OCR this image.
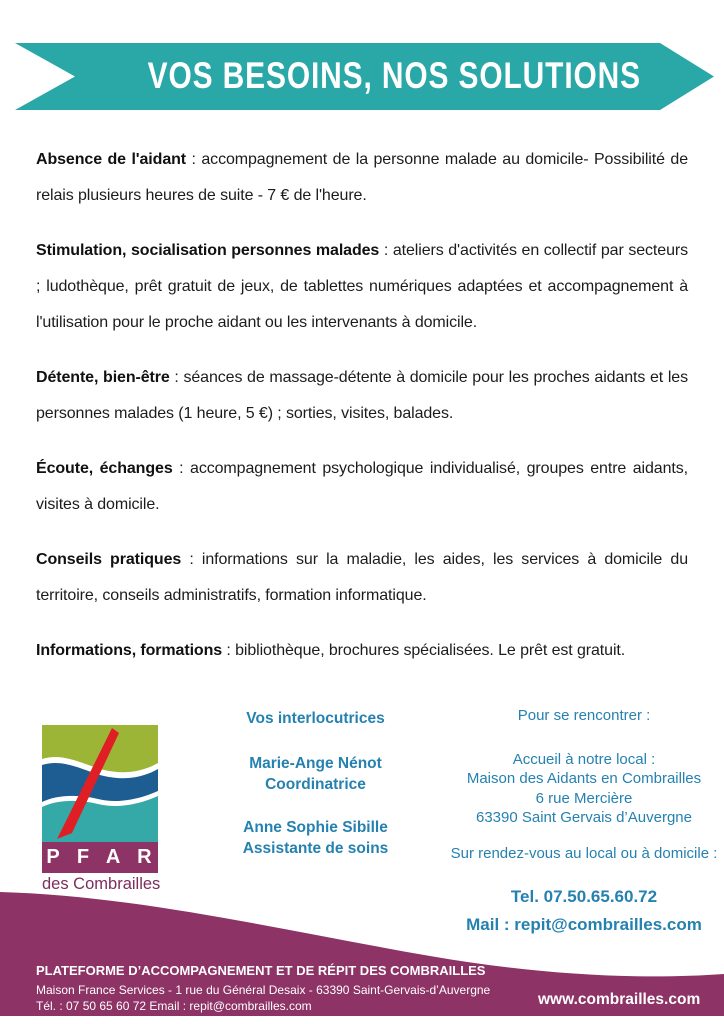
VOS BESOINS, NOS SOLUTIONS

Absence de l'aidant : accompagnement de la personne malade au domicile- Possibilité de relais plusieurs heures de suite - 7 € de l'heure.

Stimulation, socialisation personnes malades : ateliers d'activités en collectif par secteurs ; ludothèque, prêt gratuit de jeux, de tablettes numériques adaptées et accompagnement à l'utilisation pour le proche aidant ou les intervenants à domicile.

Détente, bien-être : séances de massage-détente à domicile pour les proches aidants et les personnes malades (1 heure, 5 €) ; sorties, visites, balades.

Écoute, échanges : accompagnement psychologique individualisé, groupes entre aidants, visites à domicile.

Conseils pratiques : informations sur la maladie, les aides, les services à domicile du territoire, conseils administratifs, formation informatique.

Informations, formations : bibliothèque, brochures spécialisées. Le prêt est gratuit.

P F A R
des Combrailles
Vos interlocutrices
Marie-Ange Nénot
Coordinatrice
Anne Sophie Sibille
Assistante de soins
Pour se rencontrer :
Accueil à notre local :
Maison des Aidants en Combrailles
6 rue Mercière
63390 Saint Gervais d’Auvergne
Sur rendez-vous au local ou à domicile :
Tel. 07.50.65.60.72
Mail : repit@combrailles.com
PLATEFORME D’ACCOMPAGNEMENT ET DE RÉPIT DES COMBRAILLES
Maison France Services - 1 rue du Général Desaix - 63390 Saint-Gervais-d’Auvergne
Tél. : 07 50 65 60 72 Email : repit@combrailles.com	www.combrailles.com
